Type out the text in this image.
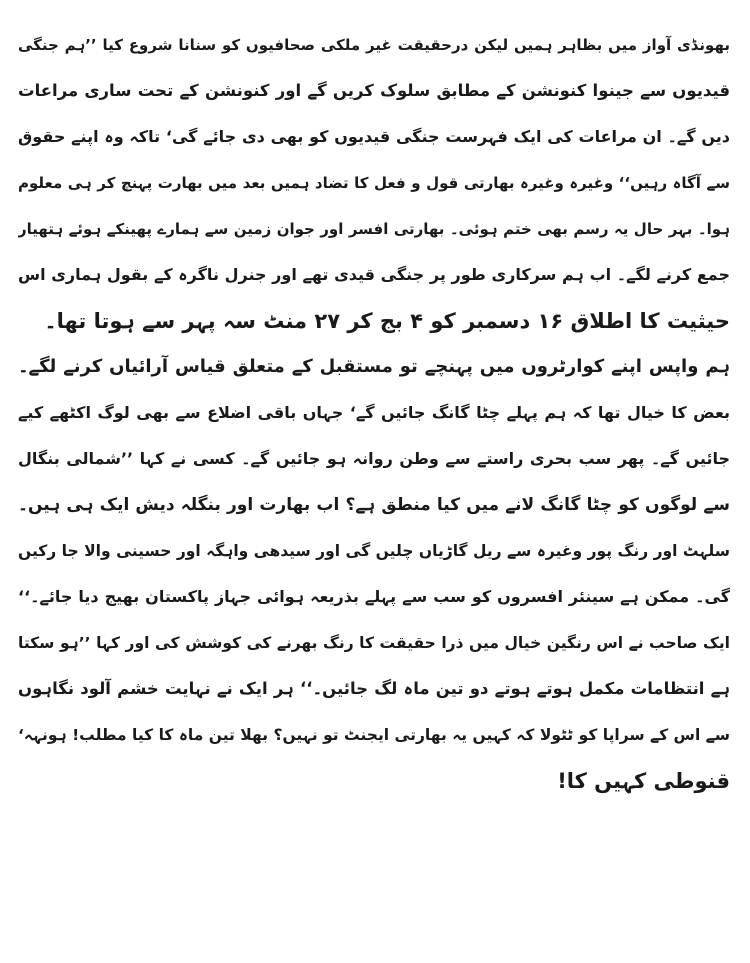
بھونڈی آواز میں بظاہر ہمیں لیکن درحقیقت غیر ملکی صحافیوں کو سنانا شروع کیا ’’ہم جنگی
قیدیوں سے جینوا کنونشن کے مطابق سلوک کریں گے اور کنونشن کے تحت ساری مراعات
دیں گے۔ ان مراعات کی ایک فہرست جنگی قیدیوں کو بھی دی جائے گی‘ تاکہ وہ اپنے حقوق
سے آگاہ رہیں‘‘ وغیرہ وغیرہ بھارتی قول و فعل کا تضاد ہمیں بعد میں بھارت پہنچ کر ہی معلوم
ہوا۔ بہر حال یہ رسم بھی ختم ہوئی۔ بھارتی افسر اور جوان زمین سے ہمارے پھینکے ہوئے ہتھیار
جمع کرنے لگے۔ اب ہم سرکاری طور پر جنگی قیدی تھے اور جنرل ناگرہ کے بقول ہماری اس
حیثیت کا اطلاق ۱۶ دسمبر کو ۴ بج کر ۲۷ منٹ سہ پہر سے ہوتا تھا۔
ہم واپس اپنے کوارٹروں میں پہنچے تو مستقبل کے متعلق قیاس آرائیاں کرنے لگے۔
بعض کا خیال تھا کہ ہم پہلے چٹا گانگ جائیں گے‘ جہاں باقی اضلاع سے بھی لوگ اکٹھے کیے
جائیں گے۔ پھر سب بحری راستے سے وطن روانہ ہو جائیں گے۔ کسی نے کہا ’’شمالی بنگال
سے لوگوں کو چٹا گانگ لانے میں کیا منطق ہے؟ اب بھارت اور بنگلہ دیش ایک ہی ہیں۔
سلہٹ اور رنگ پور وغیرہ سے ریل گاڑیاں چلیں گی اور سیدھی واہگہ اور حسینی والا جا رکیں
گی۔ ممکن ہے سینئر افسروں کو سب سے پہلے بذریعہ ہوائی جہاز پاکستان بھیج دیا جائے۔‘‘
ایک صاحب نے اس رنگین خیال میں ذرا حقیقت کا رنگ بھرنے کی کوشش کی اور کہا ’’ہو سکتا
ہے انتظامات مکمل ہوتے ہوتے دو تین ماہ لگ جائیں۔‘‘ ہر ایک نے نہایت خشم آلود نگاہوں
سے اس کے سراپا کو ٹٹولا کہ کہیں یہ بھارتی ایجنٹ تو نہیں؟ بھلا تین ماہ کا کیا مطلب! ہونہہ‘
قنوطی کہیں کا!
